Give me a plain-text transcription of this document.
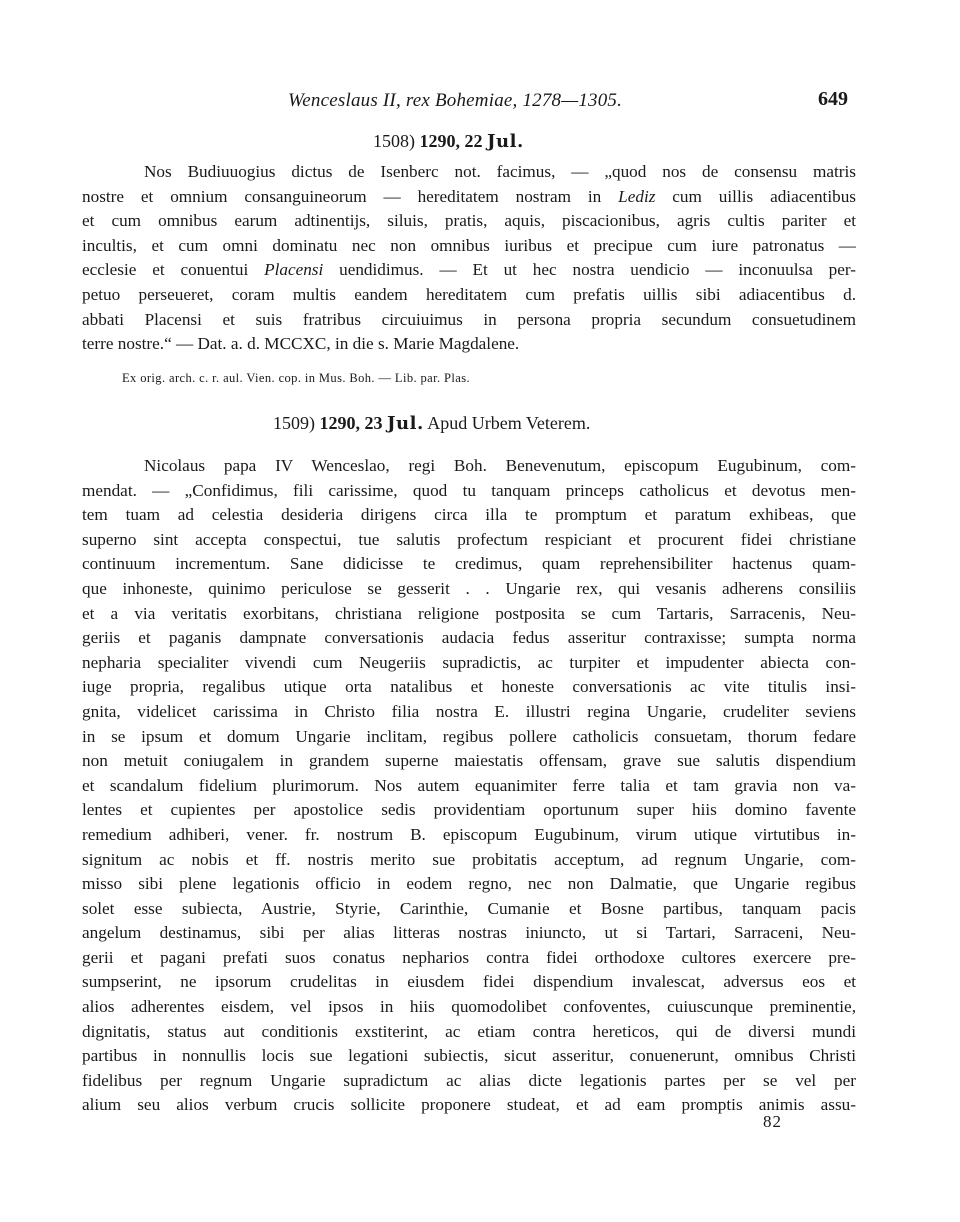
Wenceslaus II, rex Bohemiae, 1278—1305.	649
1508) 1290, 22 Jul.
Nos Budiuuogius dictus de Isenberc not. facimus, — „quod nos de consensu matris
nostre et omnium consanguineorum — hereditatem nostram in Lediz cum uillis adiacentibus
et cum omnibus earum adtinentijs, siluis, pratis, aquis, piscacionibus, agris cultis pariter et
incultis, et cum omni dominatu nec non omnibus iuribus et precipue cum iure patronatus —
ecclesie et conuentui Placensi uendidimus. — Et ut hec nostra uendicio — inconuulsa per-
petuo perseueret, coram multis eandem hereditatem cum prefatis uillis sibi adiacentibus d.
abbati Placensi et suis fratribus circuiuimus in persona propria secundum consuetudinem
terre nostre.“ — Dat. a. d. MCCXC, in die s. Marie Magdalene.
Ex orig. arch. c. r. aul. Vien. cop. in Mus. Boh. — Lib. par. Plas.
1509) 1290, 23 Jul. Apud Urbem Veterem.
Nicolaus papa IV Wenceslao, regi Boh. Benevenutum, episcopum Eugubinum, com-
mendat. — „Confidimus, fili carissime, quod tu tanquam princeps catholicus et devotus men-
tem tuam ad celestia desideria dirigens circa illa te promptum et paratum exhibeas, que
superno sint accepta conspectui, tue salutis profectum respiciant et procurent fidei christiane
continuum incrementum. Sane didicisse te credimus, quam reprehensibiliter hactenus quam-
que inhoneste, quinimo periculose se gesserit . . Ungarie rex, qui vesanis adherens consiliis
et a via veritatis exorbitans, christiana religione postposita se cum Tartaris, Sarracenis, Neu-
geriis et paganis dampnate conversationis audacia fedus asseritur contraxisse; sumpta norma
nepharia specialiter vivendi cum Neugeriis supradictis, ac turpiter et impudenter abiecta con-
iuge propria, regalibus utique orta natalibus et honeste conversationis ac vite titulis insi-
gnita, videlicet carissima in Christo filia nostra E. illustri regina Ungarie, crudeliter seviens
in se ipsum et domum Ungarie inclitam, regibus pollere catholicis consuetam, thorum fedare
non metuit coniugalem in grandem superne maiestatis offensam, grave sue salutis dispendium
et scandalum fidelium plurimorum. Nos autem equanimiter ferre talia et tam gravia non va-
lentes et cupientes per apostolice sedis providentiam oportunum super hiis domino favente
remedium adhiberi, vener. fr. nostrum B. episcopum Eugubinum, virum utique virtutibus in-
signitum ac nobis et ff. nostris merito sue probitatis acceptum, ad regnum Ungarie, com-
misso sibi plene legationis officio in eodem regno, nec non Dalmatie, que Ungarie regibus
solet esse subiecta, Austrie, Styrie, Carinthie, Cumanie et Bosne partibus, tanquam pacis
angelum destinamus, sibi per alias litteras nostras iniuncto, ut si Tartari, Sarraceni, Neu-
gerii et pagani prefati suos conatus nepharios contra fidei orthodoxe cultores exercere pre-
sumpserint, ne ipsorum crudelitas in eiusdem fidei dispendium invalescat, adversus eos et
alios adherentes eisdem, vel ipsos in hiis quomodolibet confoventes, cuiuscunque preminentie,
dignitatis, status aut conditionis exstiterint, ac etiam contra hereticos, qui de diversi mundi
partibus in nonnullis locis sue legationi subiectis, sicut asseritur, conuenerunt, omnibus Christi
fidelibus per regnum Ungarie supradictum ac alias dicte legationis partes per se vel per
alium seu alios verbum crucis sollicite proponere studeat, et ad eam promptis animis assu-
82
